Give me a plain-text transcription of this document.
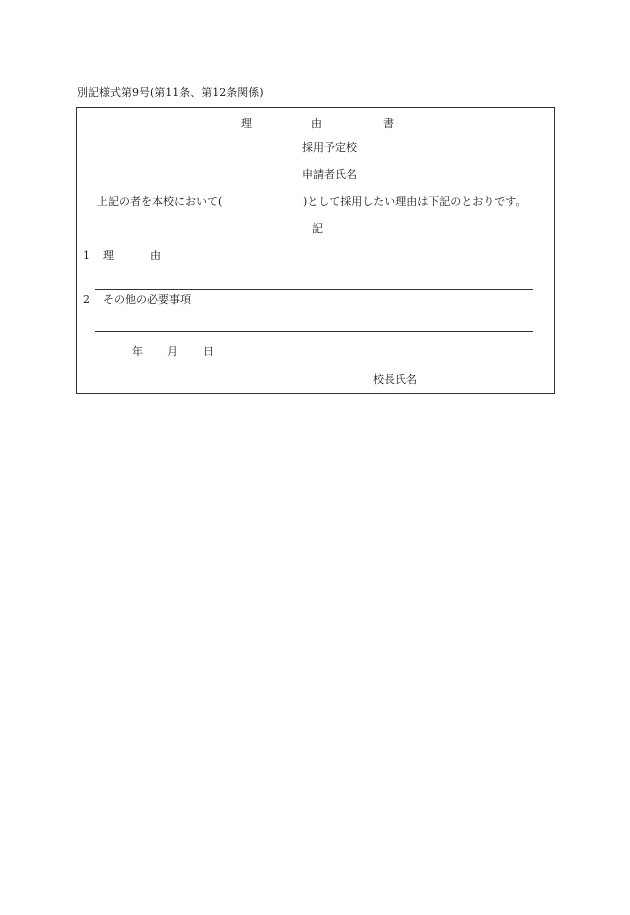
別記様式第9号(第11条、第12条関係)
理	由	書
採用予定校
申請者氏名
上記の者を本校において(	)として採用したい理由は下記のとおりです。
記
1 理	由
2 その他の必要事項
年 月 日
校長氏名
